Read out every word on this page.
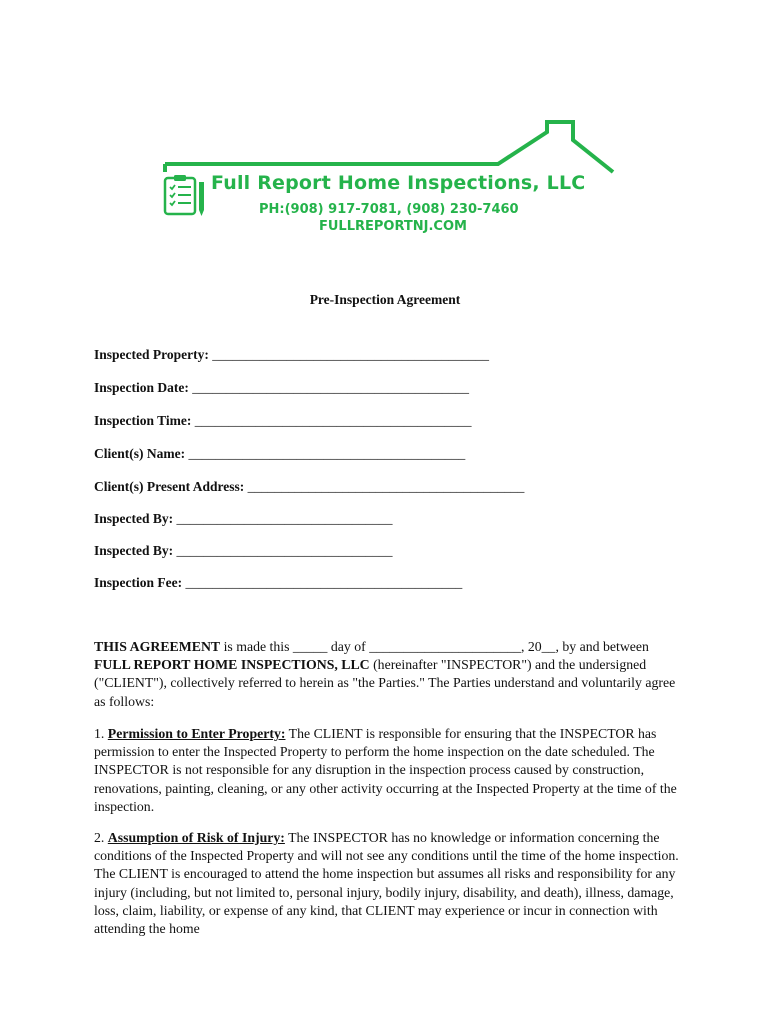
Full Report Home Inspections, LLC
PH:(908) 917-7081, (908) 230-7460
FULLREPORTNJ.COM
Pre-Inspection Agreement
Inspected Property: _________________________________________
Inspection Date: _________________________________________
Inspection Time: _________________________________________
Client(s) Name: _________________________________________
Client(s) Present Address: _________________________________________
Inspected By: ________________________________
Inspected By: ________________________________
Inspection Fee: _________________________________________
THIS AGREEMENT is made this _____ day of ______________________, 20__, by and between FULL REPORT HOME INSPECTIONS, LLC (hereinafter "INSPECTOR") and the undersigned ("CLIENT"), collectively referred to herein as "the Parties." The Parties understand and voluntarily agree as follows:
1. Permission to Enter Property: The CLIENT is responsible for ensuring that the INSPECTOR has permission to enter the Inspected Property to perform the home inspection on the date scheduled. The INSPECTOR is not responsible for any disruption in the inspection process caused by construction, renovations, painting, cleaning, or any other activity occurring at the Inspected Property at the time of the inspection.
2. Assumption of Risk of Injury: The INSPECTOR has no knowledge or information concerning the conditions of the Inspected Property and will not see any conditions until the time of the home inspection. The CLIENT is encouraged to attend the home inspection but assumes all risks and responsibility for any injury (including, but not limited to, personal injury, bodily injury, disability, and death), illness, damage, loss, claim, liability, or expense of any kind, that CLIENT may experience or incur in connection with attending the home
